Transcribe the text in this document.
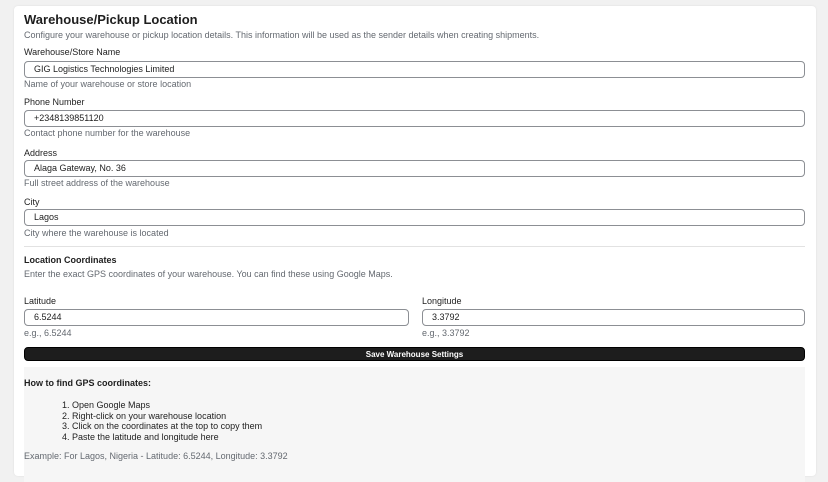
Warehouse/Pickup Location
Configure your warehouse or pickup location details. This information will be used as the sender details when creating shipments.
Warehouse/Store Name
GIG Logistics Technologies Limited
Name of your warehouse or store location
Phone Number
+2348139851120
Contact phone number for the warehouse
Address
Alaga Gateway, No. 36
Full street address of the warehouse
City
Lagos
City where the warehouse is located
Location Coordinates
Enter the exact GPS coordinates of your warehouse. You can find these using Google Maps.
Latitude
6.5244
e.g., 6.5244
Longitude
3.3792
e.g., 3.3792
Save Warehouse Settings
How to find GPS coordinates:
1. Open Google Maps
2. Right-click on your warehouse location
3. Click on the coordinates at the top to copy them
4. Paste the latitude and longitude here
Example: For Lagos, Nigeria - Latitude: 6.5244, Longitude: 3.3792
